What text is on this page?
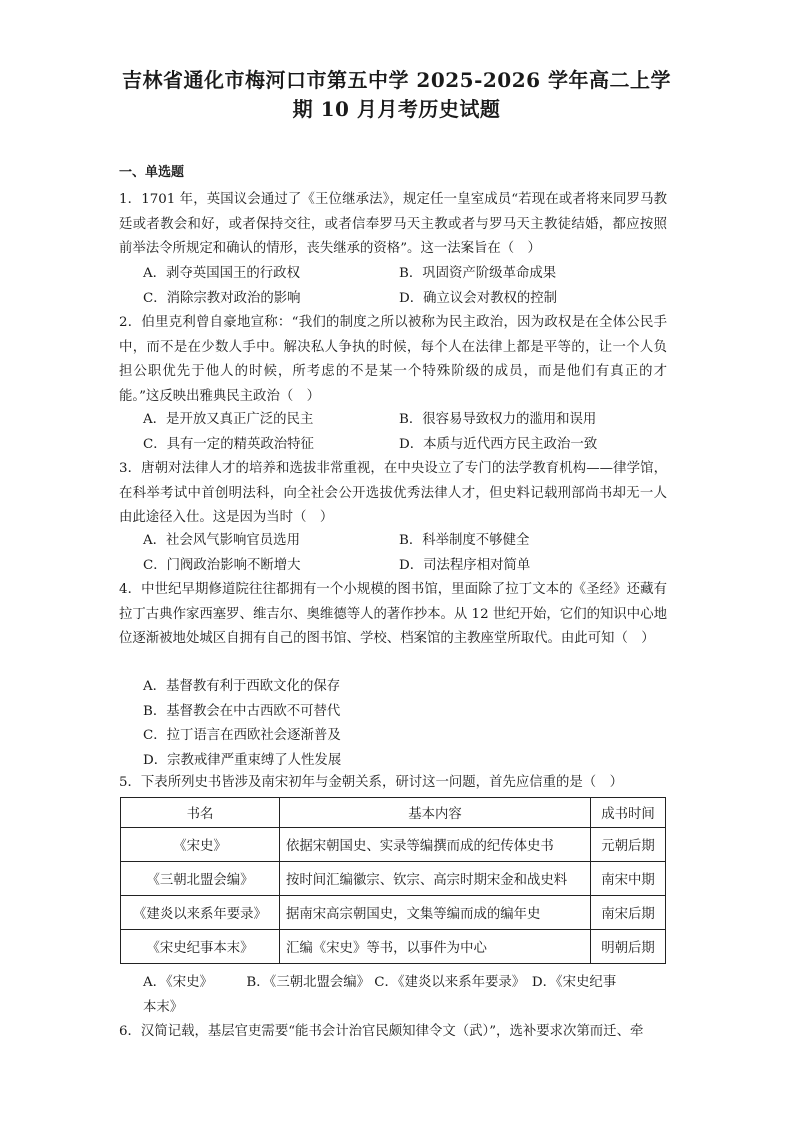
吉林省通化市梅河口市第五中学 2025-2026 学年高二上学
期 10 月月考历史试题
一、单选题
1．1701 年，英国议会通过了《王位继承法》，规定任一皇室成员“若现在或者将来同罗马教廷或者教会和好，或者保持交往，或者信奉罗马天主教或者与罗马天主教徒结婚，都应按照前举法令所规定和确认的情形，丧失继承的资格”。这一法案旨在（　）
A．剥夺英国国王的行政权	B．巩固资产阶级革命成果
C．消除宗教对政治的影响	D．确立议会对教权的控制
2．伯里克利曾自豪地宣称：“我们的制度之所以被称为民主政治，因为政权是在全体公民手中，而不是在少数人手中。解决私人争执的时候，每个人在法律上都是平等的，让一个人负担公职优先于他人的时候，所考虑的不是某一个特殊阶级的成员，而是他们有真正的才能。”这反映出雅典民主政治（　）
A．是开放又真正广泛的民主	B．很容易导致权力的滥用和误用
C．具有一定的精英政治特征	D．本质与近代西方民主政治一致
3．唐朝对法律人才的培养和选拔非常重视，在中央设立了专门的法学教育机构——律学馆，在科举考试中首创明法科，向全社会公开选拔优秀法律人才，但史料记载刑部尚书却无一人由此途径入仕。这是因为当时（　）
A．社会风气影响官员选用	B．科举制度不够健全
C．门阀政治影响不断增大	D．司法程序相对简单
4．中世纪早期修道院往往都拥有一个小规模的图书馆，里面除了拉丁文本的《圣经》还藏有拉丁古典作家西塞罗、维吉尔、奥维德等人的著作抄本。从 12 世纪开始，它们的知识中心地位逐渐被地处城区自拥有自己的图书馆、学校、档案馆的主教座堂所取代。由此可知（　）
A．基督教有利于西欧文化的保存
B．基督教会在中古西欧不可替代
C．拉丁语言在西欧社会逐渐普及
D．宗教戒律严重束缚了人性发展
5．下表所列史书皆涉及南宋初年与金朝关系，研讨这一问题，首先应信重的是（　）
书名	基本内容	成书时间
《宋史》	依据宋朝国史、实录等编撰而成的纪传体史书	元朝后期
《三朝北盟会编》	按时间汇编徽宗、钦宗、高宗时期宋金和战史料	南宋中期
《建炎以来系年要录》	据南宋高宗朝国史，文集等编而成的编年史	南宋后期
《宋史纪事本末》	汇编《宋史》等书，以事件为中心	明朝后期
A．《宋史》　　　B．《三朝北盟会编》 C．《建炎以来系年要录》　D．《宋史纪事
本末》
6．汉简记载，基层官吏需要“能书会计治官民颇知律令文（武）”，选补要求次第而迁、牵
